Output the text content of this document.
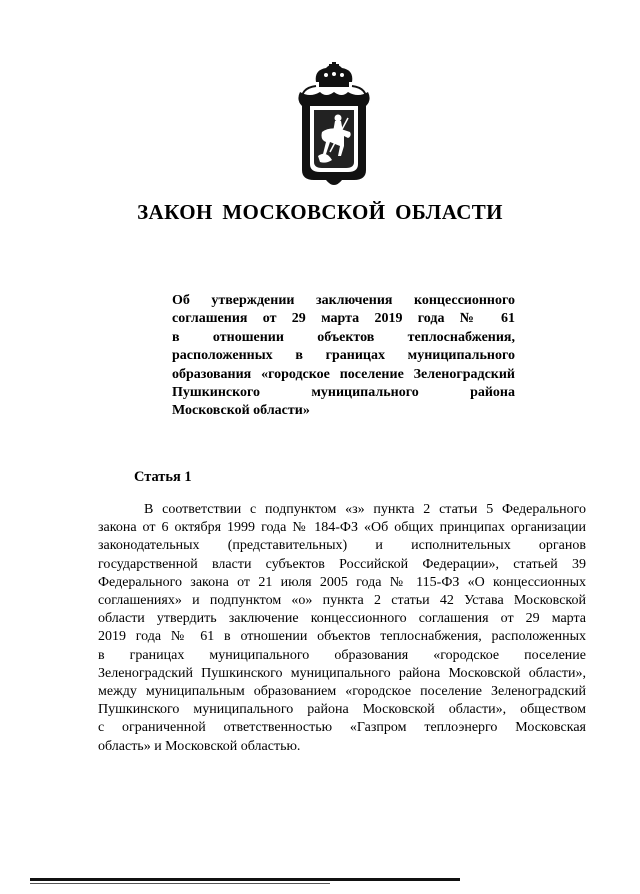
ЗАКОН МОСКОВСКОЙ ОБЛАСТИ
Об утверждении заключения концессионного
соглашения от 29 марта 2019 года № 61
в отношении объектов теплоснабжения,
расположенных в границах муниципального
образования «городское поселение Зеленоградский
Пушкинского муниципального района
Московской области»
Статья 1
В соответствии с подпунктом «з» пункта 2 статьи 5 Федерального
закона от 6 октября 1999 года № 184-ФЗ «Об общих принципах организации
законодательных (представительных) и исполнительных органов
государственной власти субъектов Российской Федерации», статьей 39
Федерального закона от 21 июля 2005 года № 115-ФЗ «О концессионных
соглашениях» и подпунктом «о» пункта 2 статьи 42 Устава Московской
области утвердить заключение концессионного соглашения от 29 марта
2019 года № 61 в отношении объектов теплоснабжения, расположенных
в границах муниципального образования «городское поселение
Зеленоградский Пушкинского муниципального района Московской области»,
между муниципальным образованием «городское поселение Зеленоградский
Пушкинского муниципального района Московской области», обществом
с ограниченной ответственностью «Газпром теплоэнерго Московская
область» и Московской областью.
